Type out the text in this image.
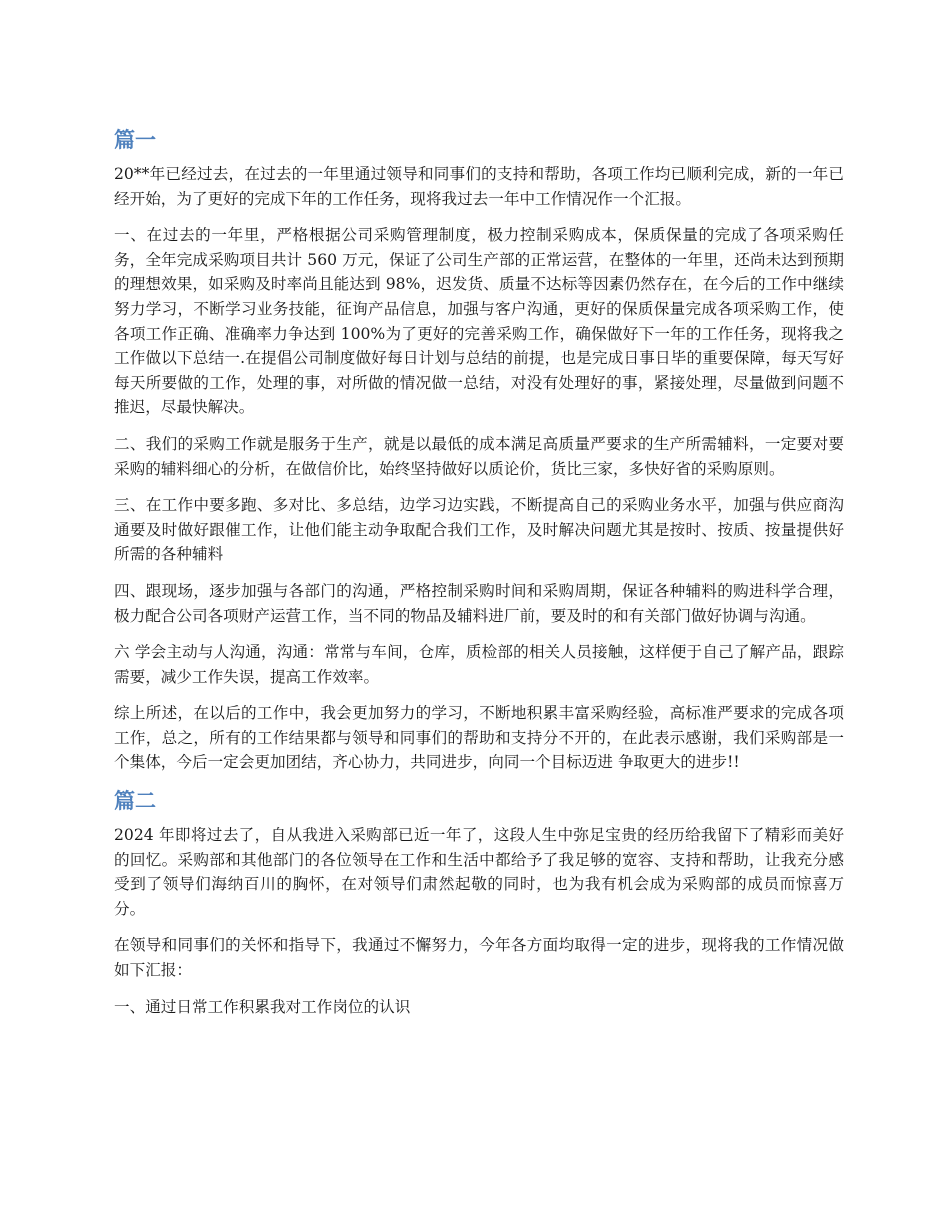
篇一

20**年已经过去，在过去的一年里通过领导和同事们的支持和帮助，各项工作均已顺利完成，新的一年已经开始，为了更好的完成下年的工作任务，现将我过去一年中工作情况作一个汇报。

一、在过去的一年里，严格根据公司采购管理制度，极力控制采购成本，保质保量的完成了各项采购任务，全年完成采购项目共计 560 万元，保证了公司生产部的正常运营，在整体的一年里，还尚未达到预期的理想效果，如采购及时率尚且能达到 98%，迟发货、质量不达标等因素仍然存在，在今后的工作中继续努力学习，不断学习业务技能，征询产品信息，加强与客户沟通，更好的保质保量完成各项采购工作，使各项工作正确、准确率力争达到 100%为了更好的完善采购工作，确保做好下一年的工作任务，现将我之工作做以下总结一.在提倡公司制度做好每日计划与总结的前提，也是完成日事日毕的重要保障，每天写好每天所要做的工作，处理的事，对所做的情况做一总结，对没有处理好的事，紧接处理，尽量做到问题不推迟，尽最快解决。

二、我们的采购工作就是服务于生产，就是以最低的成本满足高质量严要求的生产所需辅料，一定要对要采购的辅料细心的分析，在做信价比，始终坚持做好以质论价，货比三家，多快好省的采购原则。

三、在工作中要多跑、多对比、多总结，边学习边实践，不断提高自己的采购业务水平，加强与供应商沟通要及时做好跟催工作，让他们能主动争取配合我们工作，及时解决问题尤其是按时、按质、按量提供好所需的各种辅料

四、跟现场，逐步加强与各部门的沟通，严格控制采购时间和采购周期，保证各种辅料的购进科学合理，极力配合公司各项财产运营工作，当不同的物品及辅料进厂前，要及时的和有关部门做好协调与沟通。

六 学会主动与人沟通，沟通：常常与车间，仓库，质检部的相关人员接触，这样便于自己了解产品，跟踪需要，减少工作失误，提高工作效率。

综上所述，在以后的工作中，我会更加努力的学习，不断地积累丰富采购经验，高标准严要求的完成各项工作，总之，所有的工作结果都与领导和同事们的帮助和支持分不开的，在此表示感谢，我们采购部是一个集体，今后一定会更加团结，齐心协力，共同进步，向同一个目标迈进 争取更大的进步!!

篇二

2024 年即将过去了，自从我进入采购部已近一年了，这段人生中弥足宝贵的经历给我留下了精彩而美好的回忆。采购部和其他部门的各位领导在工作和生活中都给予了我足够的宽容、支持和帮助，让我充分感受到了领导们海纳百川的胸怀，在对领导们肃然起敬的同时，也为我有机会成为采购部的成员而惊喜万分。

在领导和同事们的关怀和指导下，我通过不懈努力，今年各方面均取得一定的进步，现将我的工作情况做如下汇报：

一、通过日常工作积累我对工作岗位的认识
